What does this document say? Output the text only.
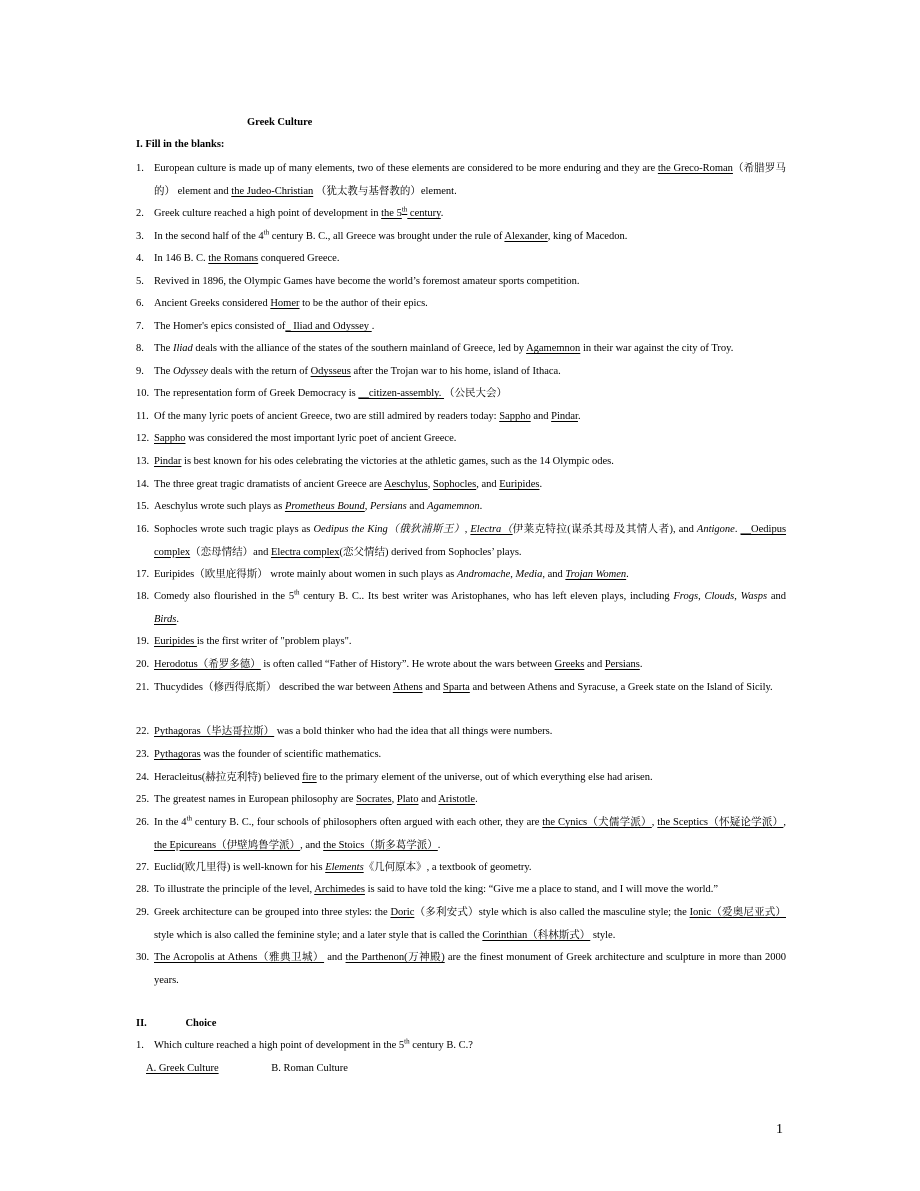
Greek Culture
I. Fill in the blanks:
1. European culture is made up of many elements, two of these elements are considered to be more enduring and they are the Greco-Roman（希腊罗马的） element and the Judeo-Christian （犹太教与基督教的）element.
2. Greek culture reached a high point of development in the 5th century.
3. In the second half of the 4th century B. C., all Greece was brought under the rule of Alexander, king of Macedon.
4. In 146 B. C. the Romans conquered Greece.
5. Revived in 1896, the Olympic Games have become the world’s foremost amateur sports competition.
6. Ancient Greeks considered Homer to be the author of their epics.
7. The Homer's epics consisted of_ Iliad and Odyssey .
8. The Iliad deals with the alliance of the states of the southern mainland of Greece, led by Agamemnon in their war against the city of Troy.
9. The Odyssey deals with the return of Odysseus after the Trojan war to his home, island of Ithaca.
10. The representation form of Greek Democracy is __citizen-assembly. （公民大会）
11. Of the many lyric poets of ancient Greece, two are still admired by readers today: Sappho and Pindar.
12. Sappho was considered the most important lyric poet of ancient Greece.
13. Pindar is best known for his odes celebrating the victories at the athletic games, such as the 14 Olympic odes.
14. The three great tragic dramatists of ancient Greece are Aeschylus, Sophocles, and Euripides.
15. Aeschylus wrote such plays as Prometheus Bound, Persians and Agamemnon.
16. Sophocles wrote such tragic plays as Oedipus the King（俄狄浦斯王）, Electra（伊莱克特拉(谋杀其母及其情人者), and Antigone. __Oedipus complex（恋母情结）and Electra complex(恋父情结) derived from Sophocles’ plays.
17. Euripides（欧里庇得斯） wrote mainly about women in such plays as Andromache, Media, and Trojan Women.
18. Comedy also flourished in the 5th century B. C.. Its best writer was Aristophanes, who has left eleven plays, including Frogs, Clouds, Wasps and Birds.
19. Euripides is the first writer of "problem plays".
20. Herodotus（希罗多德） is often called “Father of History”. He wrote about the wars between Greeks and Persians.
21. Thucydides（修西得底斯） described the war between Athens and Sparta and between Athens and Syracuse, a Greek state on the Island of Sicily.
22. Pythagoras（毕达哥拉斯） was a bold thinker who had the idea that all things were numbers.
23. Pythagoras was the founder of scientific mathematics.
24. Heracleitus(赫拉克利特) believed fire to the primary element of the universe, out of which everything else had arisen.
25. The greatest names in European philosophy are Socrates, Plato and Aristotle.
26. In the 4th century B. C., four schools of philosophers often argued with each other, they are the Cynics（犬儒学派）, the Sceptics（怀疑论学派）, the Epicureans（伊壁鸠鲁学派）, and the Stoics（斯多葛学派）.
27. Euclid(欧几里得) is well-known for his Elements《几何原本》, a textbook of geometry.
28. To illustrate the principle of the level, Archimedes is said to have told the king: “Give me a place to stand, and I will move the world.”
29. Greek architecture can be grouped into three styles: the Doric（多利安式）style which is also called the masculine style; the Ionic（爱奥尼亚式） style which is also called the feminine style; and a later style that is called the Corinthian（科林斯式） style.
30. The Acropolis at Athens（雅典卫城） and the Parthenon(万神殿) are the finest monument of Greek architecture and sculpture in more than 2000 years.
II.	Choice
1. Which culture reached a high point of development in the 5th century B. C.?
A. Greek Culture	B. Roman Culture
1
